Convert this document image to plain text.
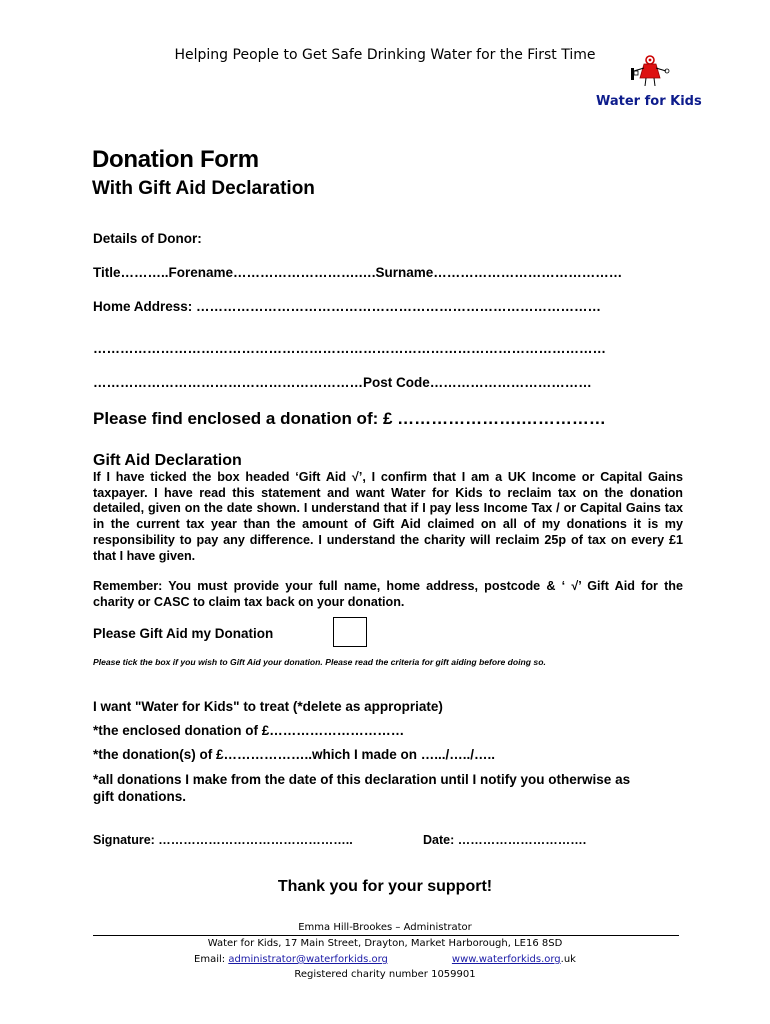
Helping People to Get Safe Drinking Water for the First Time
Water for Kids
Donation Form
With Gift Aid Declaration
Details of Donor:
Title………..Forename……………………….….Surname……………………………………
Home Address: ………………………………………………………………………………
……………………………………………………………………………………………………
……………………………………………………Post Code………………………………
Please find enclosed a donation of: £ ………………….……………
Gift Aid Declaration
If I have ticked the box headed ‘Gift Aid √’, I confirm that I am a UK Income or Capital Gains taxpayer. I have read this statement and want Water for Kids to reclaim tax on the donation detailed, given on the date shown. I understand that if I pay less Income Tax / or Capital Gains tax in the current tax year than the amount of Gift Aid claimed on all of my donations it is my responsibility to pay any difference. I understand the charity will reclaim 25p of tax on every £1 that I have given.
Remember: You must provide your full name, home address, postcode & ‘ √’ Gift Aid for the charity or CASC to claim tax back on your donation.
Please Gift Aid my Donation
Please tick the box if you wish to Gift Aid your donation. Please read the criteria for gift aiding before doing so.
I want "Water for Kids" to treat (*delete as appropriate)
*the enclosed donation of £…………………………
*the donation(s) of £………………..which I made on ….../…../…..
*all donations I make from the date of this declaration until I notify you otherwise as gift donations.
Signature: ………………………………………..	Date: ………………………….
Thank you for your support!
Emma Hill-Brookes – Administrator
Water for Kids, 17 Main Street, Drayton, Market Harborough, LE16 8SD
Email: administrator@waterforkids.org	www.waterforkids.org.uk
Registered charity number 1059901
